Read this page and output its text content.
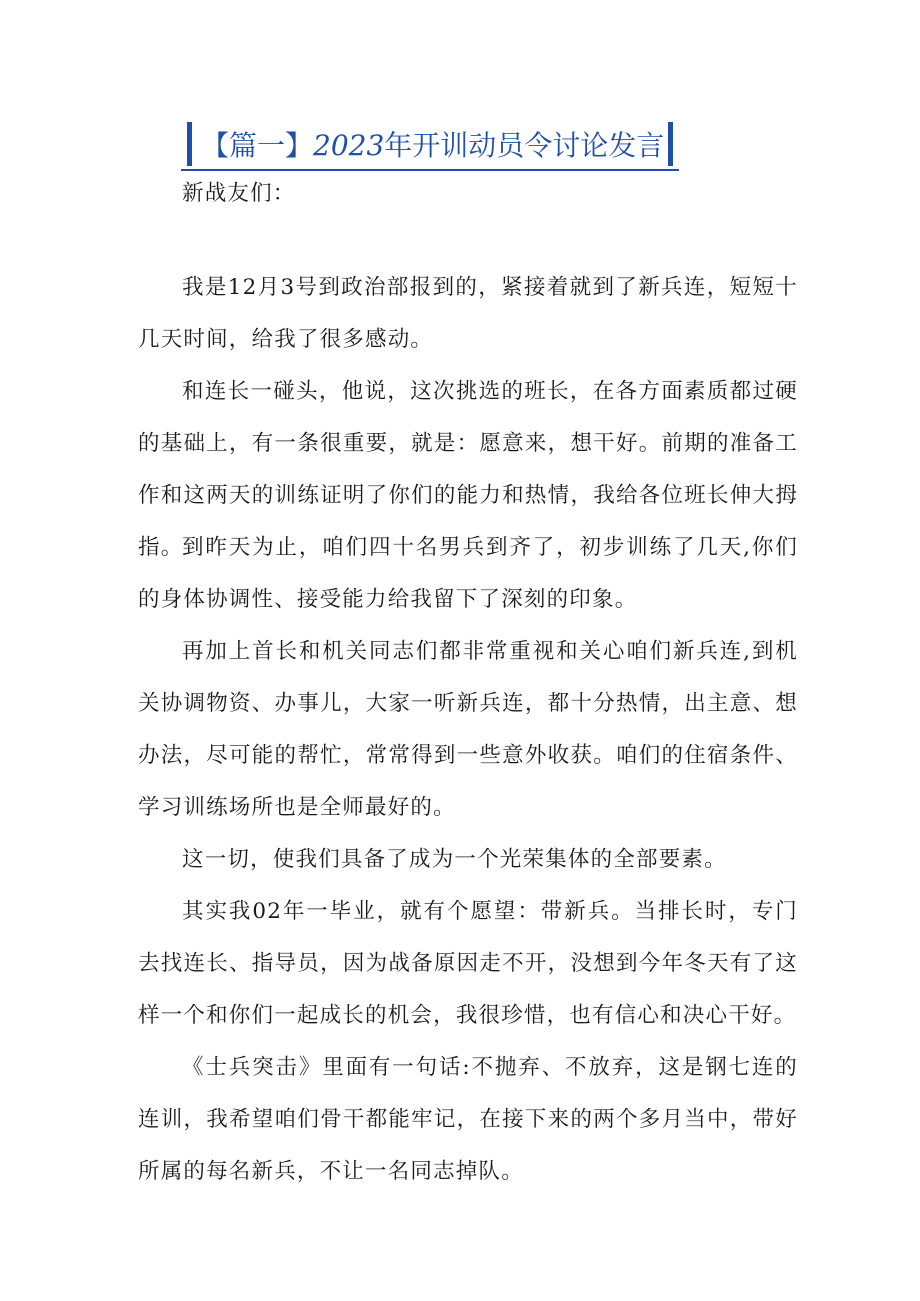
【篇一】2023年开训动员令讨论发言

新战友们：

我是12月3号到政治部报到的，紧接着就到了新兵连，短短十几天时间，给我了很多感动。

和连长一碰头，他说，这次挑选的班长，在各方面素质都过硬的基础上，有一条很重要，就是：愿意来，想干好。前期的准备工作和这两天的训练证明了你们的能力和热情，我给各位班长伸大拇指。

到昨天为止，咱们四十名男兵到齐了，初步训练了几天,你们的身体协调性、接受能力给我留下了深刻的印象。

再加上首长和机关同志们都非常重视和关心咱们新兵连,到机关协调物资、办事儿，大家一听新兵连，都十分热情，出主意、想办法，尽可能的帮忙，常常得到一些意外收获。咱们的住宿条件、学习训练场所也是全师最好的。

这一切，使我们具备了成为一个光荣集体的全部要素。

其实我02年一毕业，就有个愿望：带新兵。当排长时，专门去找连长、指导员，因为战备原因走不开，没想到今年冬天有了这样一个和你们一起成长的机会，我很珍惜，也有信心和决心干好。

《士兵突击》里面有一句话:不抛弃、不放弃，这是钢七连的连训，我希望咱们骨干都能牢记，在接下来的两个多月当中，带好所属的每名新兵，不让一名同志掉队。
